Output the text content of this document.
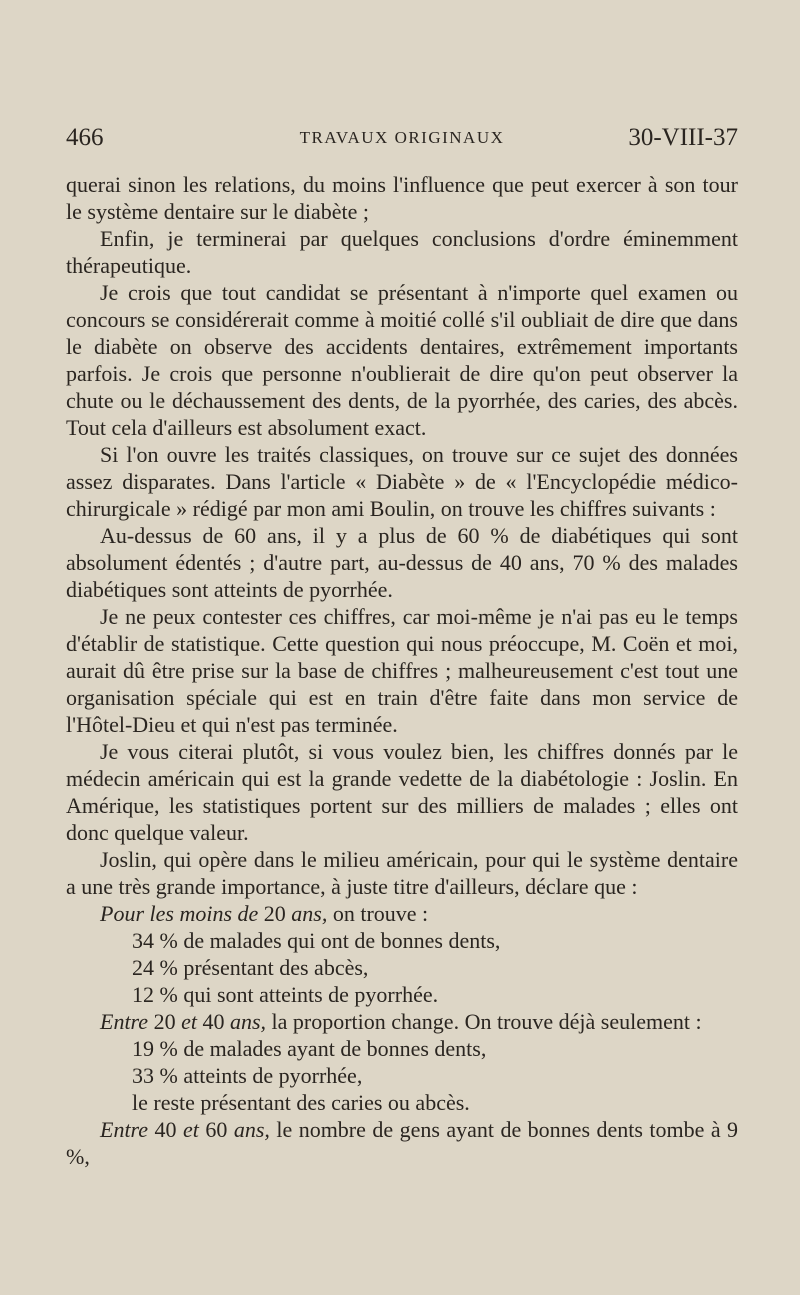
466	TRAVAUX ORIGINAUX	30-VIII-37

querai sinon les relations, du moins l'influence que peut exercer à son tour le système dentaire sur le diabète ;

Enfin, je terminerai par quelques conclusions d'ordre éminemment thérapeutique.

Je crois que tout candidat se présentant à n'importe quel examen ou concours se considérerait comme à moitié collé s'il oubliait de dire que dans le diabète on observe des accidents dentaires, extrêmement importants parfois. Je crois que personne n'oublierait de dire qu'on peut observer la chute ou le déchaussement des dents, de la pyorrhée, des caries, des abcès. Tout cela d'ailleurs est absolument exact.

Si l'on ouvre les traités classiques, on trouve sur ce sujet des données assez disparates. Dans l'article « Diabète » de « l'Encyclopédie médico-chirurgicale » rédigé par mon ami Boulin, on trouve les chiffres suivants :

Au-dessus de 60 ans, il y a plus de 60 % de diabétiques qui sont absolument édentés ; d'autre part, au-dessus de 40 ans, 70 % des malades diabétiques sont atteints de pyorrhée.

Je ne peux contester ces chiffres, car moi-même je n'ai pas eu le temps d'établir de statistique. Cette question qui nous préoccupe, M. Coën et moi, aurait dû être prise sur la base de chiffres ; malheureusement c'est tout une organisation spéciale qui est en train d'être faite dans mon service de l'Hôtel-Dieu et qui n'est pas terminée.

Je vous citerai plutôt, si vous voulez bien, les chiffres donnés par le médecin américain qui est la grande vedette de la diabétologie : Joslin. En Amérique, les statistiques portent sur des milliers de malades ; elles ont donc quelque valeur.

Joslin, qui opère dans le milieu américain, pour qui le système dentaire a une très grande importance, à juste titre d'ailleurs, déclare que :

Pour les moins de 20 ans, on trouve :

34 % de malades qui ont de bonnes dents,

24 % présentant des abcès,

12 % qui sont atteints de pyorrhée.

Entre 20 et 40 ans, la proportion change. On trouve déjà seulement :

19 % de malades ayant de bonnes dents,

33 % atteints de pyorrhée,

le reste présentant des caries ou abcès.

Entre 40 et 60 ans, le nombre de gens ayant de bonnes dents tombe à 9 %,
